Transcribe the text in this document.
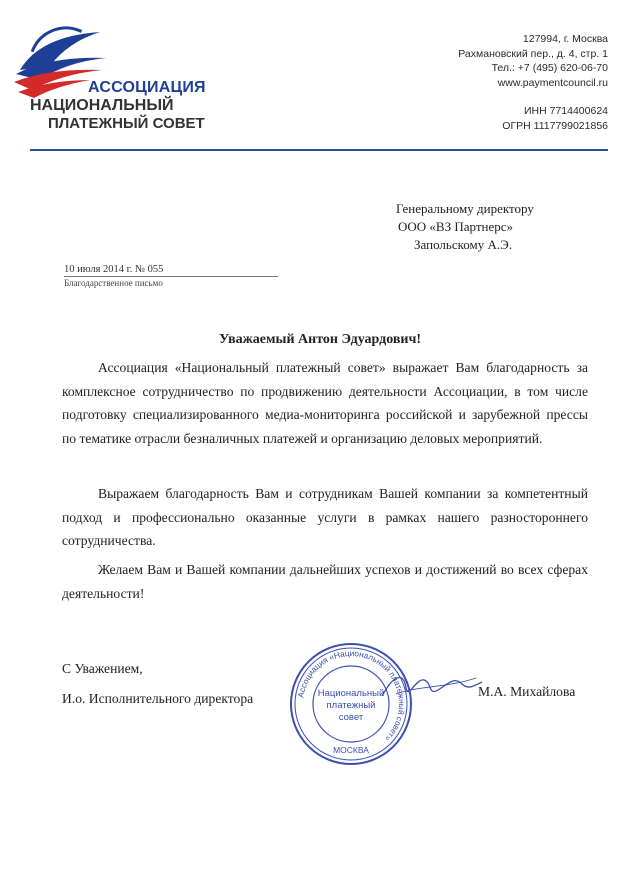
АССОЦИАЦИЯ
НАЦИОНАЛЬНЫЙ
ПЛАТЕЖНЫЙ СОВЕТ
127994, г. Москва
Рахмановский пер., д. 4, стр. 1
Тел.: +7 (495) 620-06-70
www.paymentcouncil.ru
ИНН 7714400624
ОГРН 1117799021856
Генеральному директору
ООО «ВЗ Партнерс»
Запольскому А.Э.
10 июля 2014 г. № 055
Благодарственное письмо
Уважаемый Антон Эдуардович!

Ассоциация «Национальный платежный совет» выражает Вам благодарность за комплексное сотрудничество по продвижению деятельности Ассоциации, в том числе подготовку специализированного медиа-мониторинга российской и зарубежной прессы по тематике отрасли безналичных платежей и организацию деловых мероприятий.

Выражаем благодарность Вам и сотрудникам Вашей компании за компетентный подход и профессионально оказанные услуги в рамках нашего разностороннего сотрудничества.

Желаем Вам и Вашей компании дальнейших успехов и достижений во всех сферах деятельности!

С Уважением,
И.о. Исполнительного директора	Ассоциация «Национальный платежный совет»
Национальный
платежный
совет
МОСКВА
М.А. Михайлова
